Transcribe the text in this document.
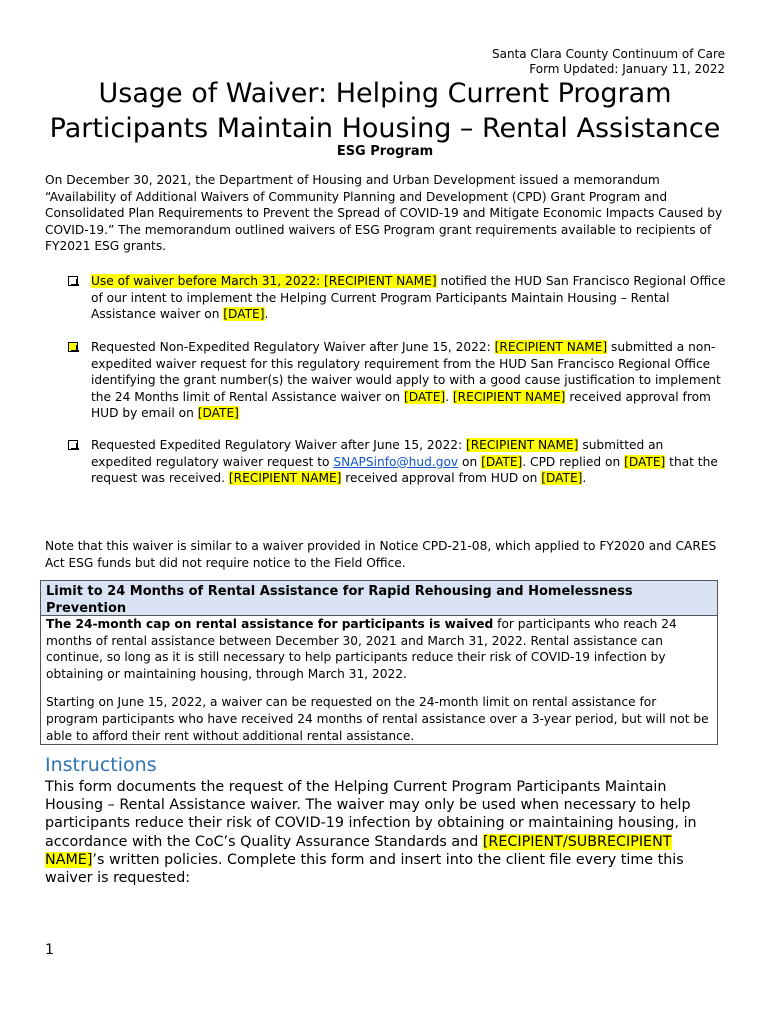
Santa Clara County Continuum of Care
Form Updated: January 11, 2022
Usage of Waiver: Helping Current Program
Participants Maintain Housing – Rental Assistance
ESG Program

On December 30, 2021, the Department of Housing and Urban Development issued a memorandum “Availability of Additional Waivers of Community Planning and Development (CPD) Grant Program and Consolidated Plan Requirements to Prevent the Spread of COVID-19 and Mitigate Economic Impacts Caused by COVID-19.” The memorandum outlined waivers of ESG Program grant requirements available to recipients of FY2021 ESG grants.

Use of waiver before March 31, 2022: [RECIPIENT NAME] notified the HUD San Francisco Regional Office of our intent to implement the Helping Current Program Participants Maintain Housing – Rental Assistance waiver on [DATE].
Requested Non-Expedited Regulatory Waiver after June 15, 2022: [RECIPIENT NAME] submitted a non-expedited waiver request for this regulatory requirement from the HUD San Francisco Regional Office identifying the grant number(s) the waiver would apply to with a good cause justification to implement the 24 Months limit of Rental Assistance waiver on [DATE]. [RECIPIENT NAME] received approval from HUD by email on [DATE]
Requested Expedited Regulatory Waiver after June 15, 2022: [RECIPIENT NAME] submitted an expedited regulatory waiver request to SNAPSinfo@hud.gov on [DATE]. CPD replied on [DATE] that the request was received. [RECIPIENT NAME] received approval from HUD on [DATE].

Note that this waiver is similar to a waiver provided in Notice CPD-21-08, which applied to FY2020 and CARES Act ESG funds but did not require notice to the Field Office.

Limit to 24 Months of Rental Assistance for Rapid Rehousing and Homelessness Prevention

The 24-month cap on rental assistance for participants is waived for participants who reach 24 months of rental assistance between December 30, 2021 and March 31, 2022. Rental assistance can continue, so long as it is still necessary to help participants reduce their risk of COVID-19 infection by obtaining or maintaining housing, through March 31, 2022.

Starting on June 15, 2022, a waiver can be requested on the 24-month limit on rental assistance for program participants who have received 24 months of rental assistance over a 3-year period, but will not be able to afford their rent without additional rental assistance.

Instructions

This form documents the request of the Helping Current Program Participants Maintain Housing – Rental Assistance waiver. The waiver may only be used when necessary to help participants reduce their risk of COVID-19 infection by obtaining or maintaining housing, in accordance with the CoC’s Quality Assurance Standards and [RECIPIENT/SUBRECIPIENT NAME]’s written policies. Complete this form and insert into the client file every time this waiver is requested:

1
